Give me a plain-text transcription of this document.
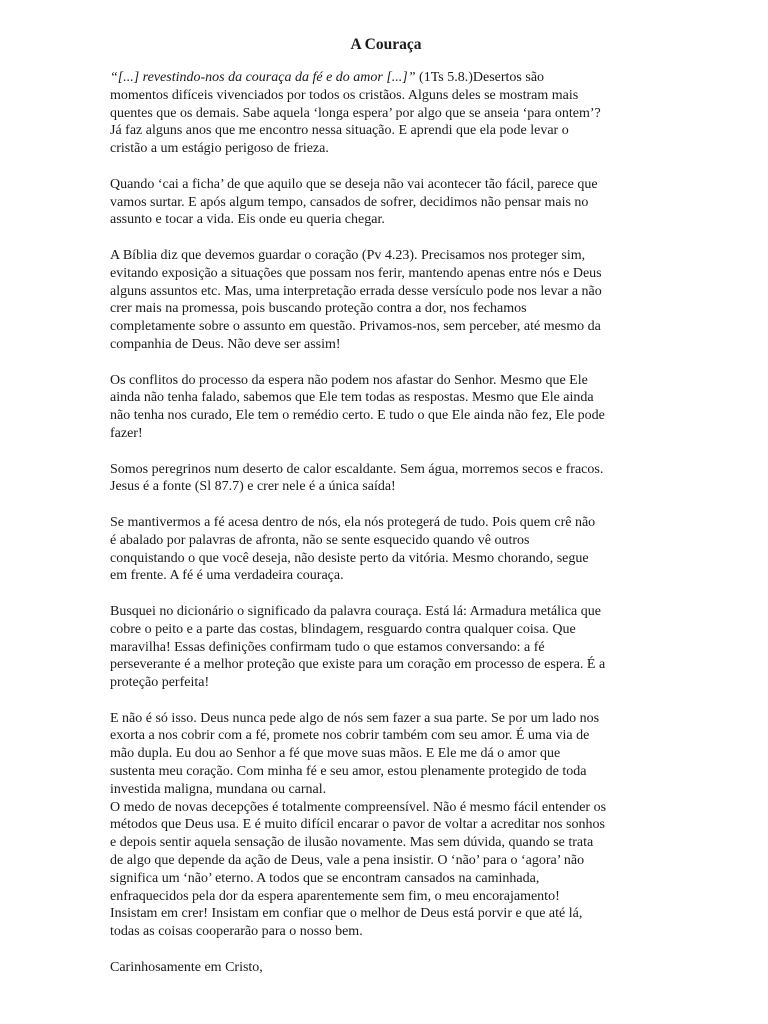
A Couraça
“[...] revestindo-nos da couraça da fé e do amor [...]” (1Ts 5.8.)Desertos são
momentos difíceis vivenciados por todos os cristãos. Alguns deles se mostram mais
quentes que os demais. Sabe aquela ‘longa espera’ por algo que se anseia ‘para ontem’?
Já faz alguns anos que me encontro nessa situação. E aprendi que ela pode levar o
cristão a um estágio perigoso de frieza.
Quando ‘cai a ficha’ de que aquilo que se deseja não vai acontecer tão fácil, parece que
vamos surtar. E após algum tempo, cansados de sofrer, decidimos não pensar mais no
assunto e tocar a vida. Eis onde eu queria chegar.
A Bíblia diz que devemos guardar o coração (Pv 4.23). Precisamos nos proteger sim,
evitando exposição a situações que possam nos ferir, mantendo apenas entre nós e Deus
alguns assuntos etc. Mas, uma interpretação errada desse versículo pode nos levar a não
crer mais na promessa, pois buscando proteção contra a dor, nos fechamos
completamente sobre o assunto em questão. Privamos-nos, sem perceber, até mesmo da
companhia de Deus. Não deve ser assim!
Os conflitos do processo da espera não podem nos afastar do Senhor. Mesmo que Ele
ainda não tenha falado, sabemos que Ele tem todas as respostas. Mesmo que Ele ainda
não tenha nos curado, Ele tem o remédio certo. E tudo o que Ele ainda não fez, Ele pode
fazer!
Somos peregrinos num deserto de calor escaldante. Sem água, morremos secos e fracos.
Jesus é a fonte (Sl 87.7) e crer nele é a única saída!
Se mantivermos a fé acesa dentro de nós, ela nós protegerá de tudo. Pois quem crê não
é abalado por palavras de afronta, não se sente esquecido quando vê outros
conquistando o que você deseja, não desiste perto da vitória. Mesmo chorando, segue
em frente. A fé é uma verdadeira couraça.
Busquei no dicionário o significado da palavra couraça. Está lá: Armadura metálica que
cobre o peito e a parte das costas, blindagem, resguardo contra qualquer coisa. Que
maravilha! Essas definições confirmam tudo o que estamos conversando: a fé
perseverante é a melhor proteção que existe para um coração em processo de espera. É a
proteção perfeita!
E não é só isso. Deus nunca pede algo de nós sem fazer a sua parte. Se por um lado nos
exorta a nos cobrir com a fé, promete nos cobrir também com seu amor. É uma via de
mão dupla. Eu dou ao Senhor a fé que move suas mãos. E Ele me dá o amor que
sustenta meu coração. Com minha fé e seu amor, estou plenamente protegido de toda
investida maligna, mundana ou carnal.
O medo de novas decepções é totalmente compreensível. Não é mesmo fácil entender os
métodos que Deus usa. E é muito difícil encarar o pavor de voltar a acreditar nos sonhos
e depois sentir aquela sensação de ilusão novamente. Mas sem dúvida, quando se trata
de algo que depende da ação de Deus, vale a pena insistir. O ‘não’ para o ‘agora’ não
significa um ‘não’ eterno. A todos que se encontram cansados na caminhada,
enfraquecidos pela dor da espera aparentemente sem fim, o meu encorajamento!
Insistam em crer! Insistam em confiar que o melhor de Deus está porvir e que até lá,
todas as coisas cooperarão para o nosso bem.
Carinhosamente em Cristo,
